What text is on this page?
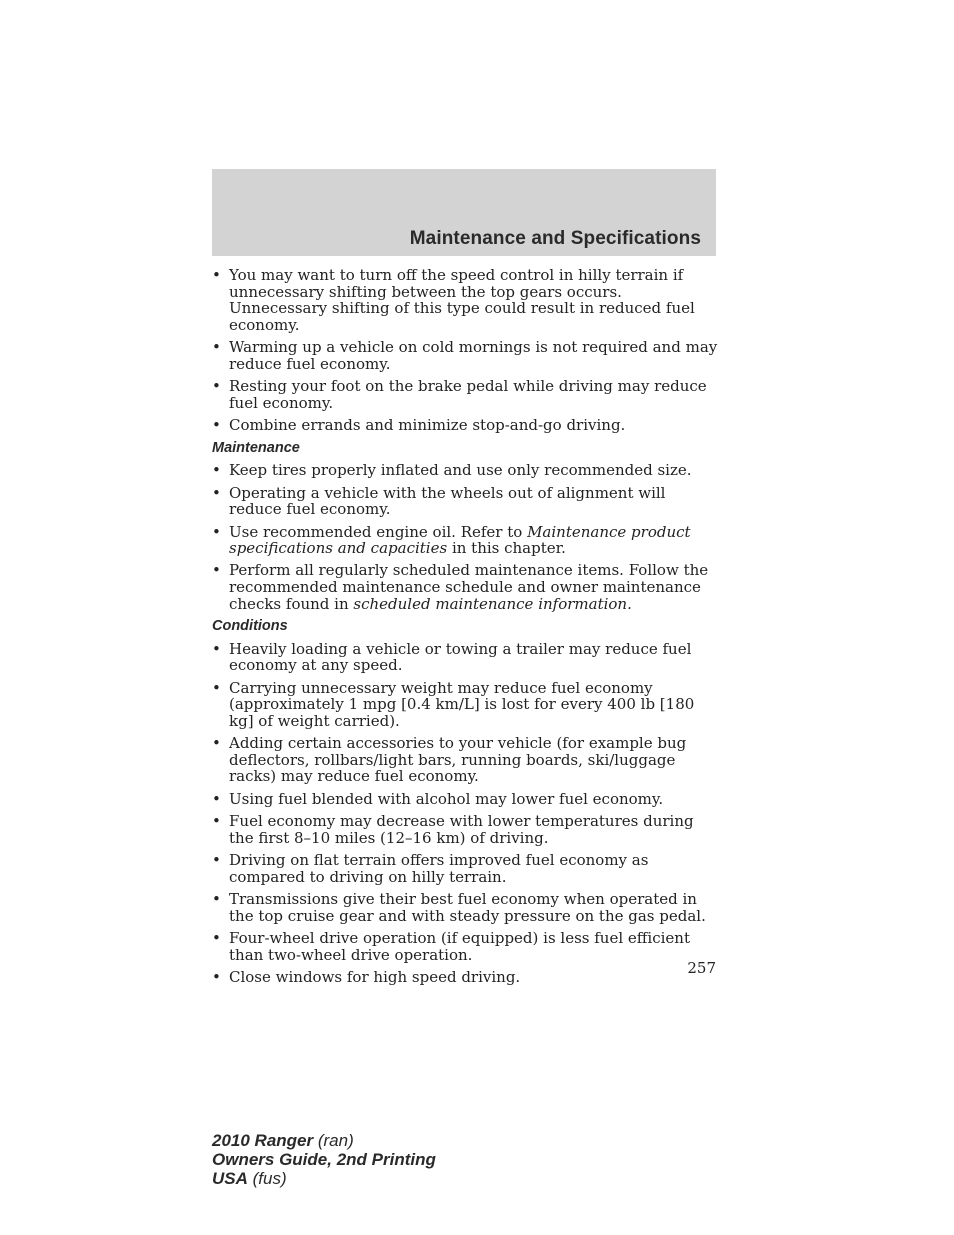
Maintenance and Specifications
• You may want to turn off the speed control in hilly terrain if unnecessary shifting between the top gears occurs. Unnecessary shifting of this type could result in reduced fuel economy.
• Warming up a vehicle on cold mornings is not required and may reduce fuel economy.
• Resting your foot on the brake pedal while driving may reduce fuel economy.
• Combine errands and minimize stop-and-go driving.
Maintenance
• Keep tires properly inflated and use only recommended size.
• Operating a vehicle with the wheels out of alignment will reduce fuel economy.
• Use recommended engine oil. Refer to Maintenance product specifications and capacities in this chapter.
• Perform all regularly scheduled maintenance items. Follow the recommended maintenance schedule and owner maintenance checks found in scheduled maintenance information.
Conditions
• Heavily loading a vehicle or towing a trailer may reduce fuel economy at any speed.
• Carrying unnecessary weight may reduce fuel economy (approximately 1 mpg [0.4 km/L] is lost for every 400 lb [180 kg] of weight carried).
• Adding certain accessories to your vehicle (for example bug deflectors, rollbars/light bars, running boards, ski/luggage racks) may reduce fuel economy.
• Using fuel blended with alcohol may lower fuel economy.
• Fuel economy may decrease with lower temperatures during the first 8–10 miles (12–16 km) of driving.
• Driving on flat terrain offers improved fuel economy as compared to driving on hilly terrain.
• Transmissions give their best fuel economy when operated in the top cruise gear and with steady pressure on the gas pedal.
• Four-wheel drive operation (if equipped) is less fuel efficient than two-wheel drive operation.
• Close windows for high speed driving.
257
2010 Ranger (ran)
Owners Guide, 2nd Printing
USA (fus)
